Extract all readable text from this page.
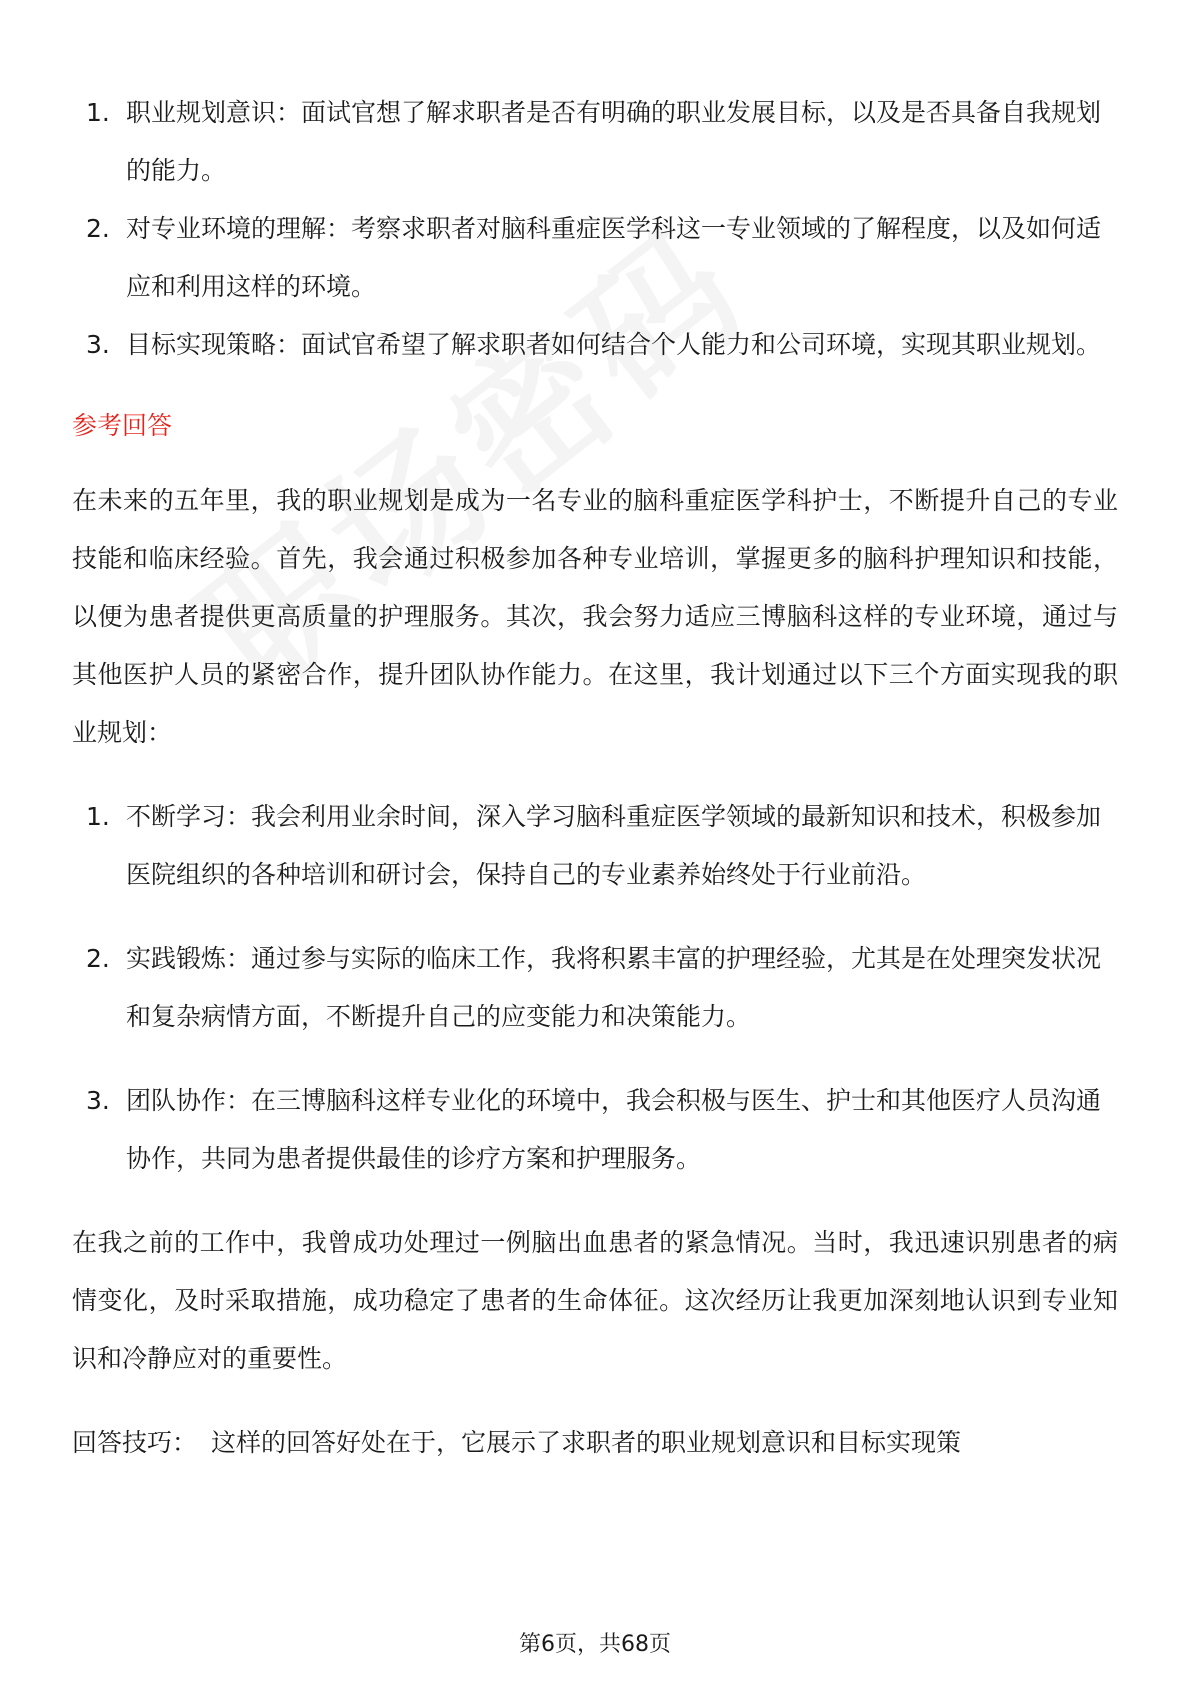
1. 职业规划意识：面试官想了解求职者是否有明确的职业发展目标，以及是否具备自我规划的能力。
2. 对专业环境的理解：考察求职者对脑科重症医学科这一专业领域的了解程度，以及如何适应和利用这样的环境。
3. 目标实现策略：面试官希望了解求职者如何结合个人能力和公司环境，实现其职业规划。
参考回答

在未来的五年里，我的职业规划是成为一名专业的脑科重症医学科护士，不断提升自己的专业技能和临床经验。首先，我会通过积极参加各种专业培训，掌握更多的脑科护理知识和技能，以便为患者提供更高质量的护理服务。其次，我会努力适应三博脑科这样的专业环境，通过与其他医护人员的紧密合作，提升团队协作能力。在这里，我计划通过以下三个方面实现我的职业规划：

1. 不断学习：我会利用业余时间，深入学习脑科重症医学领域的最新知识和技术，积极参加医院组织的各种培训和研讨会，保持自己的专业素养始终处于行业前沿。
2. 实践锻炼：通过参与实际的临床工作，我将积累丰富的护理经验，尤其是在处理突发状况和复杂病情方面，不断提升自己的应变能力和决策能力。
3. 团队协作：在三博脑科这样专业化的环境中，我会积极与医生、护士和其他医疗人员沟通协作，共同为患者提供最佳的诊疗方案和护理服务。

在我之前的工作中，我曾成功处理过一例脑出血患者的紧急情况。当时，我迅速识别患者的病情变化，及时采取措施，成功稳定了患者的生命体征。这次经历让我更加深刻地认识到专业知识和冷静应对的重要性。

回答技巧： 这样的回答好处在于，它展示了求职者的职业规划意识和目标实现策

第6页，共68页
